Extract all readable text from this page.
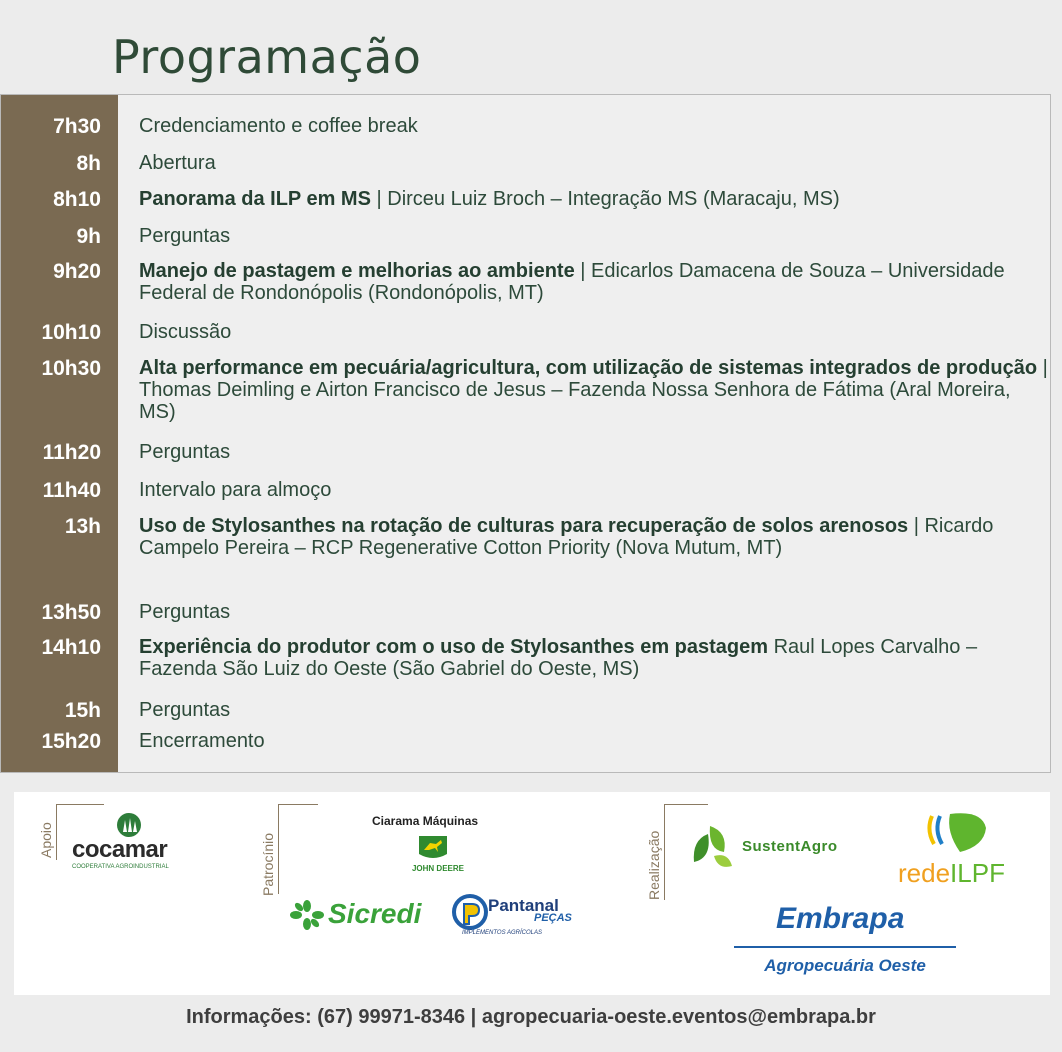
Programação
7h30 Credenciamento e coffee break
8h Abertura
8h10 Panorama da ILP em MS | Dirceu Luiz Broch – Integração MS (Maracaju, MS)
9h Perguntas
9h20 Manejo de pastagem e melhorias ao ambiente | Edicarlos Damacena de Souza – Universidade Federal de Rondonópolis (Rondonópolis, MT)
10h10 Discussão
10h30 Alta performance em pecuária/agricultura, com utilização de sistemas integrados de produção | Thomas Deimling e Airton Francisco de Jesus – Fazenda Nossa Senhora de Fátima (Aral Moreira, MS)
11h20 Perguntas
11h40 Intervalo para almoço
13h Uso de Stylosanthes na rotação de culturas para recuperação de solos arenosos | Ricardo Campelo Pereira – RCP Regenerative Cotton Priority (Nova Mutum, MT)
13h50 Perguntas
14h10 Experiência do produtor com o uso de Stylosanthes em pastagem Raul Lopes Carvalho – Fazenda São Luiz do Oeste (São Gabriel do Oeste, MS)
15h Perguntas
15h20 Encerramento
Apoio cocamar
COOPERATIVA AGROINDUSTRIAL	Patrocínio
Ciarama Máquinas
JOHN DEERE
Sicredi	Pantanal
PEÇAS
IMPLEMENTOS AGRÍCOLAS
Realização	SustentAgro
redeILPF
Embrapa
Agropecuária Oeste
Informações: (67) 99971-8346 | agropecuaria-oeste.eventos@embrapa.br
